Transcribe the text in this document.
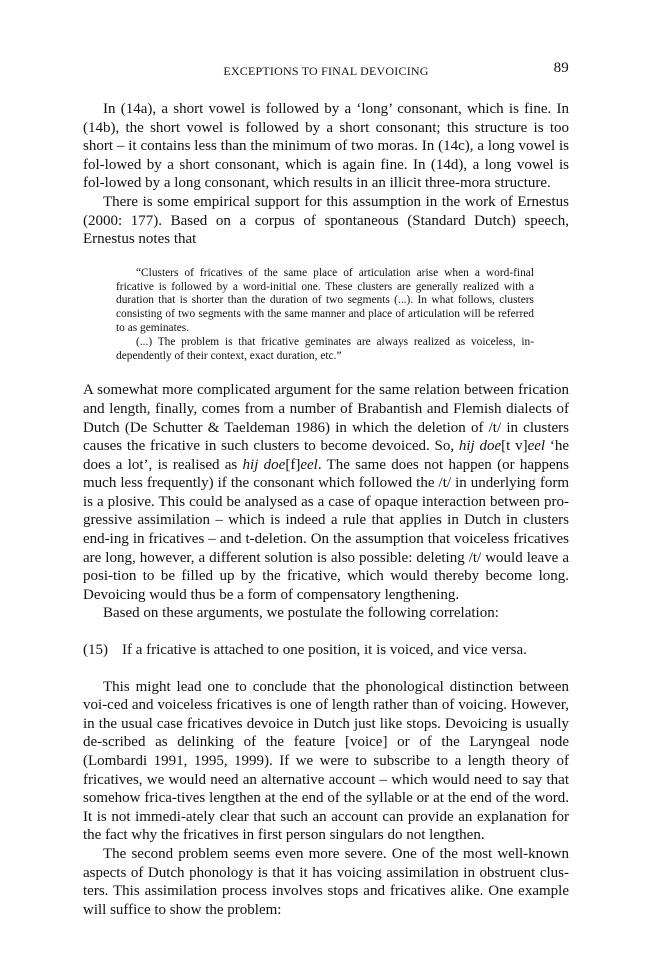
EXCEPTIONS TO FINAL DEVOICING	89

In (14a), a short vowel is followed by a ‘long’ consonant, which is fine. In (14b), the short vowel is followed by a short consonant; this structure is too short – it contains less than the minimum of two moras. In (14c), a long vowel is fol-lowed by a short consonant, which is again fine. In (14d), a long vowel is fol-lowed by a long consonant, which results in an illicit three-mora structure.

There is some empirical support for this assumption in the work of Ernestus (2000: 177). Based on a corpus of spontaneous (Standard Dutch) speech, Ernestus notes that

“Clusters of fricatives of the same place of articulation arise when a word-final fricative is followed by a word-initial one. These clusters are generally realized with a duration that is shorter than the duration of two segments (...). In what follows, clusters consisting of two segments with the same manner and place of articulation will be referred to as geminates.

(...) The problem is that fricative geminates are always realized as voiceless, in-dependently of their context, exact duration, etc.”

A somewhat more complicated argument for the same relation between frication and length, finally, comes from a number of Brabantish and Flemish dialects of Dutch (De Schutter & Taeldeman 1986) in which the deletion of /t/ in clusters causes the fricative in such clusters to become devoiced. So, hij doe[t v]eel ‘he does a lot’, is realised as hij doe[f]eel. The same does not happen (or happens much less frequently) if the consonant which followed the /t/ in underlying form is a plosive. This could be analysed as a case of opaque interaction between pro-gressive assimilation – which is indeed a rule that applies in Dutch in clusters end-ing in fricatives – and t-deletion. On the assumption that voiceless fricatives are long, however, a different solution is also possible: deleting /t/ would leave a posi-tion to be filled up by the fricative, which would thereby become long. Devoicing would thus be a form of compensatory lengthening.

Based on these arguments, we postulate the following correlation:

(15) If a fricative is attached to one position, it is voiced, and vice versa.

This might lead one to conclude that the phonological distinction between voi-ced and voiceless fricatives is one of length rather than of voicing. However, in the usual case fricatives devoice in Dutch just like stops. Devoicing is usually de-scribed as delinking of the feature [voice] or of the Laryngeal node (Lombardi 1991, 1995, 1999). If we were to subscribe to a length theory of fricatives, we would need an alternative account – which would need to say that somehow frica-tives lengthen at the end of the syllable or at the end of the word. It is not immedi-ately clear that such an account can provide an explanation for the fact why the fricatives in first person singulars do not lengthen.

The second problem seems even more severe. One of the most well-known aspects of Dutch phonology is that it has voicing assimilation in obstruent clus-ters. This assimilation process involves stops and fricatives alike. One example will suffice to show the problem:
